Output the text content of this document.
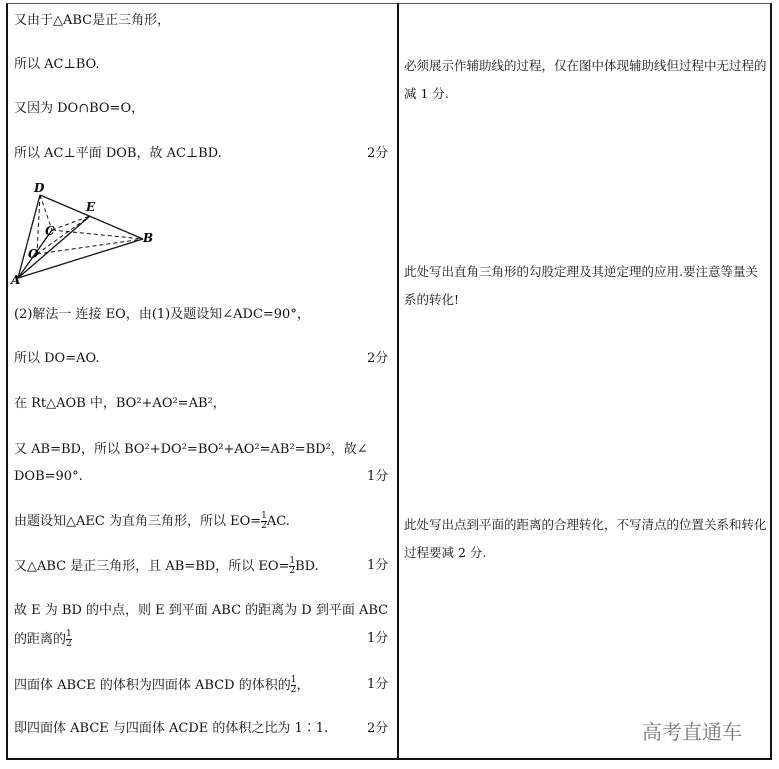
又由于△ABC是正三角形，
所以 AC⊥BO.
又因为 DO∩BO=O，
所以 AC⊥平面 DOB，故 AC⊥BD.	2分
D
E
C
O
B
A
(2)解法一 连接 EO，由(1)及题设知∠ADC=90°，
所以 DO=AO.	2分
在 Rt△AOB 中，BO²+AO²=AB²，
又 AB=BD，所以 BO²+DO²=BO²+AO²=AB²=BD²，故∠
DOB=90°.	1分
由题设知△AEC 为直角三角形，所以 $EO= \frac{1}{2}$ AC.
又△ABC 是正三角形，且 AB=BD，所以 $EO= \frac{1}{2}$ BD.	1分
故 E 为 BD 的中点，则 E 到平面 ABC 的距离为 D 到平面 ABC
的距离的 $\frac{1}{2}$	1分
四面体 ABCE 的体积为四面体 ABCD 的体积的 $\frac{1}{2}$ ，	1分
即四面体 ABCE 与四面体 ACDE 的体积之比为 1∶1.	2分
必须展示作辅助线的过程，仅在图中体现辅助线但过程中无过程的减 1 分.
此处写出直角三角形的勾股定理及其逆定理的应用.要注意等量关系的转化!
此处写出点到平面的距离的合理转化，不写清点的位置关系和转化过程要减 2 分.
高考直通车
